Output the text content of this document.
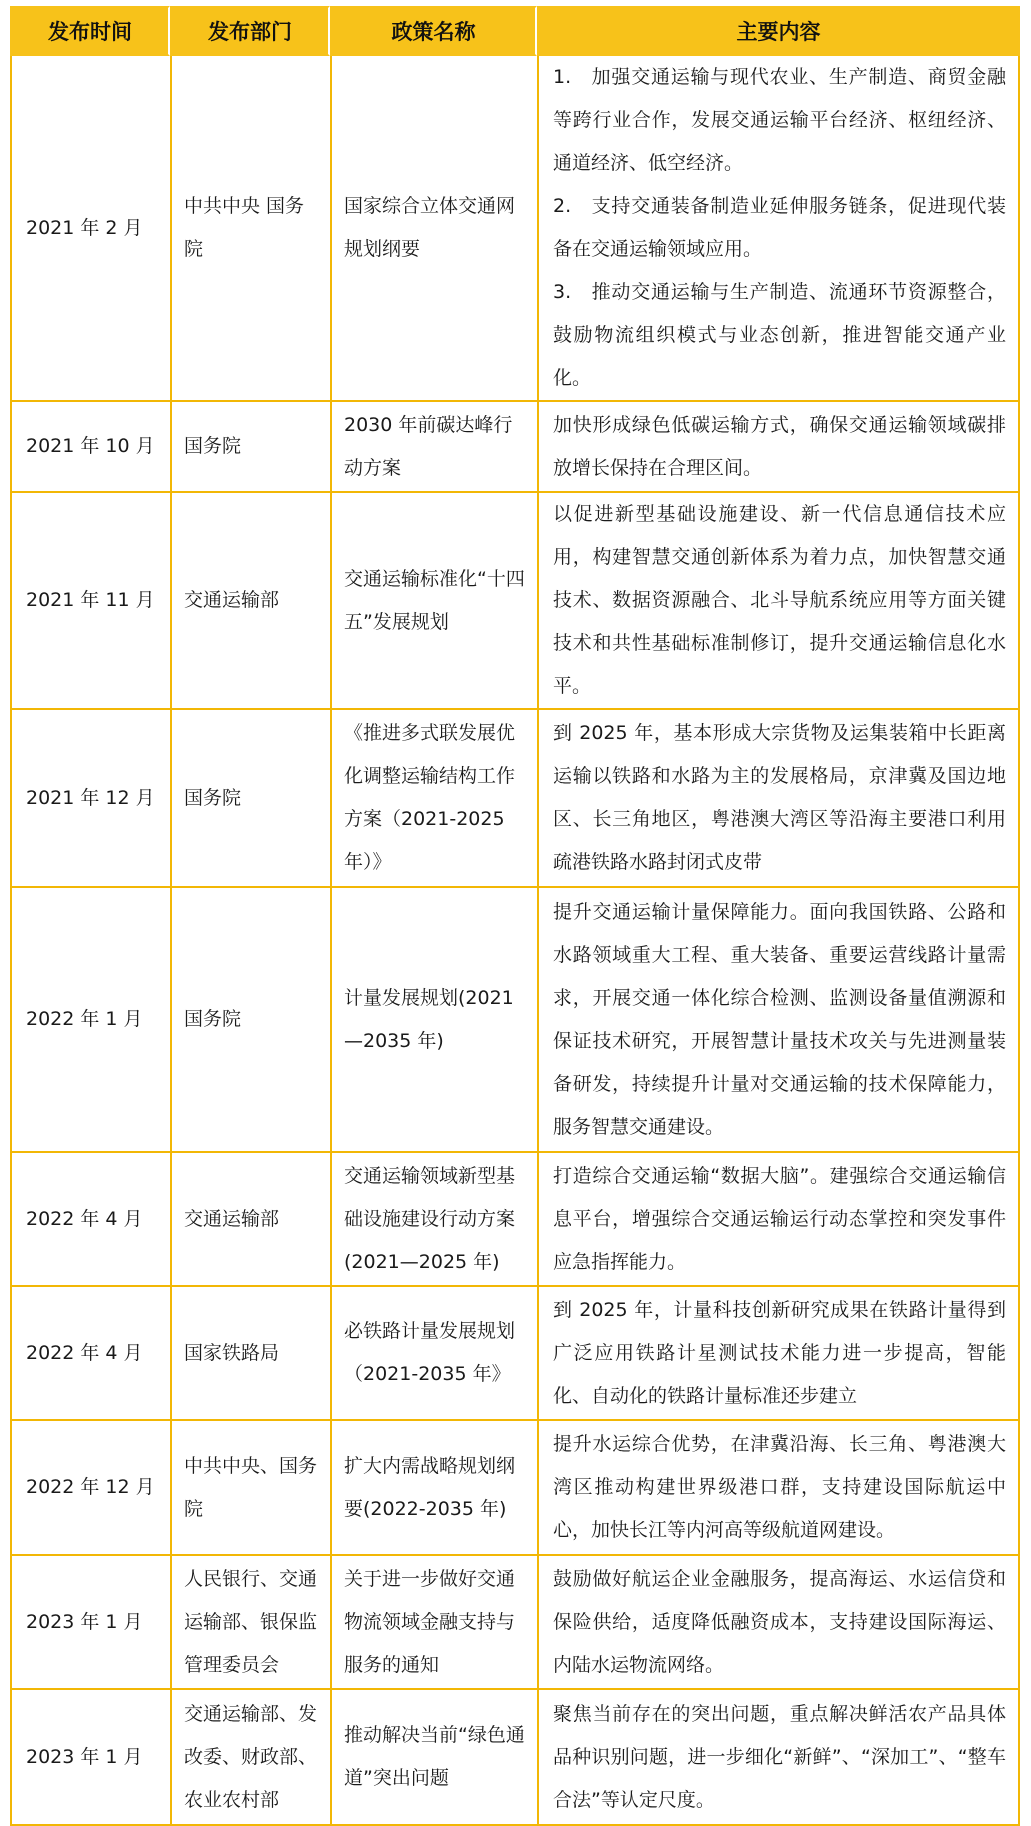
发布时间	发布部门	政策名称	主要内容
2021 年 2 月	中共中央 国务院	国家综合立体交通网规划纲要	1.　加强交通运输与现代农业、生产制造、商贸金融等跨行业合作，发展交通运输平台经济、枢纽经济、通道经济、低空经济。

2.　支持交通装备制造业延伸服务链条，促进现代装备在交通运输领域应用。

3.　推动交通运输与生产制造、流通环节资源整合，鼓励物流组织模式与业态创新，推进智能交通产业化。

2021 年 10 月	国务院	2030 年前碳达峰行动方案	加快形成绿色低碳运输方式，确保交通运输领域碳排放增长保持在合理区间。

2021 年 11 月	交通运输部	交通运输标准化“十四五”发展规划	以促进新型基础设施建设、新一代信息通信技术应用，构建智慧交通创新体系为着力点，加快智慧交通技术、数据资源融合、北斗导航系统应用等方面关键技术和共性基础标准制修订，提升交通运输信息化水平。

2021 年 12 月	国务院	《推进多式联发展优化调整运输结构工作方案（2021-2025 年）》	到 2025 年，基本形成大宗货物及运集装箱中长距离运输以铁路和水路为主的发展格局，京津冀及国边地区、长三角地区，粤港澳大湾区等沿海主要港口利用疏港铁路水路封闭式皮带

2022 年 1 月	国务院	计量发展规划(2021—2035 年)	提升交通运输计量保障能力。面向我国铁路、公路和水路领域重大工程、重大装备、重要运营线路计量需求，开展交通一体化综合检测、监测设备量值溯源和保证技术研究，开展智慧计量技术攻关与先进测量装备研发，持续提升计量对交通运输的技术保障能力，服务智慧交通建设。

2022 年 4 月	交通运输部	交通运输领域新型基础设施建设行动方案(2021—2025 年)	打造综合交通运输“数据大脑”。建强综合交通运输信息平台，增强综合交通运输运行动态掌控和突发事件应急指挥能力。

2022 年 4 月	国家铁路局	必铁路计量发展规划（2021-2035 年》	到 2025 年，计量科技创新研究成果在铁路计量得到广泛应用铁路计星测试技术能力进一步提高，智能化、自动化的铁路计量标准还步建立

2022 年 12 月	中共中央、国务院	扩大内需战略规划纲要(2022-2035 年)	提升水运综合优势，在津冀沿海、长三角、粤港澳大湾区推动构建世界级港口群，支持建设国际航运中心，加快长江等内河高等级航道网建设。

2023 年 1 月	人民银行、交通运输部、银保监管理委员会	关于进一步做好交通物流领域金融支持与服务的通知	鼓励做好航运企业金融服务，提高海运、水运信贷和保险供给，适度降低融资成本，支持建设国际海运、内陆水运物流网络。

2023 年 1 月	交通运输部、发改委、财政部、农业农村部	推动解决当前“绿色通道”突出问题	聚焦当前存在的突出问题，重点解决鲜活农产品具体品种识别问题，进一步细化“新鲜”、“深加工”、“整车合法”等认定尺度。
